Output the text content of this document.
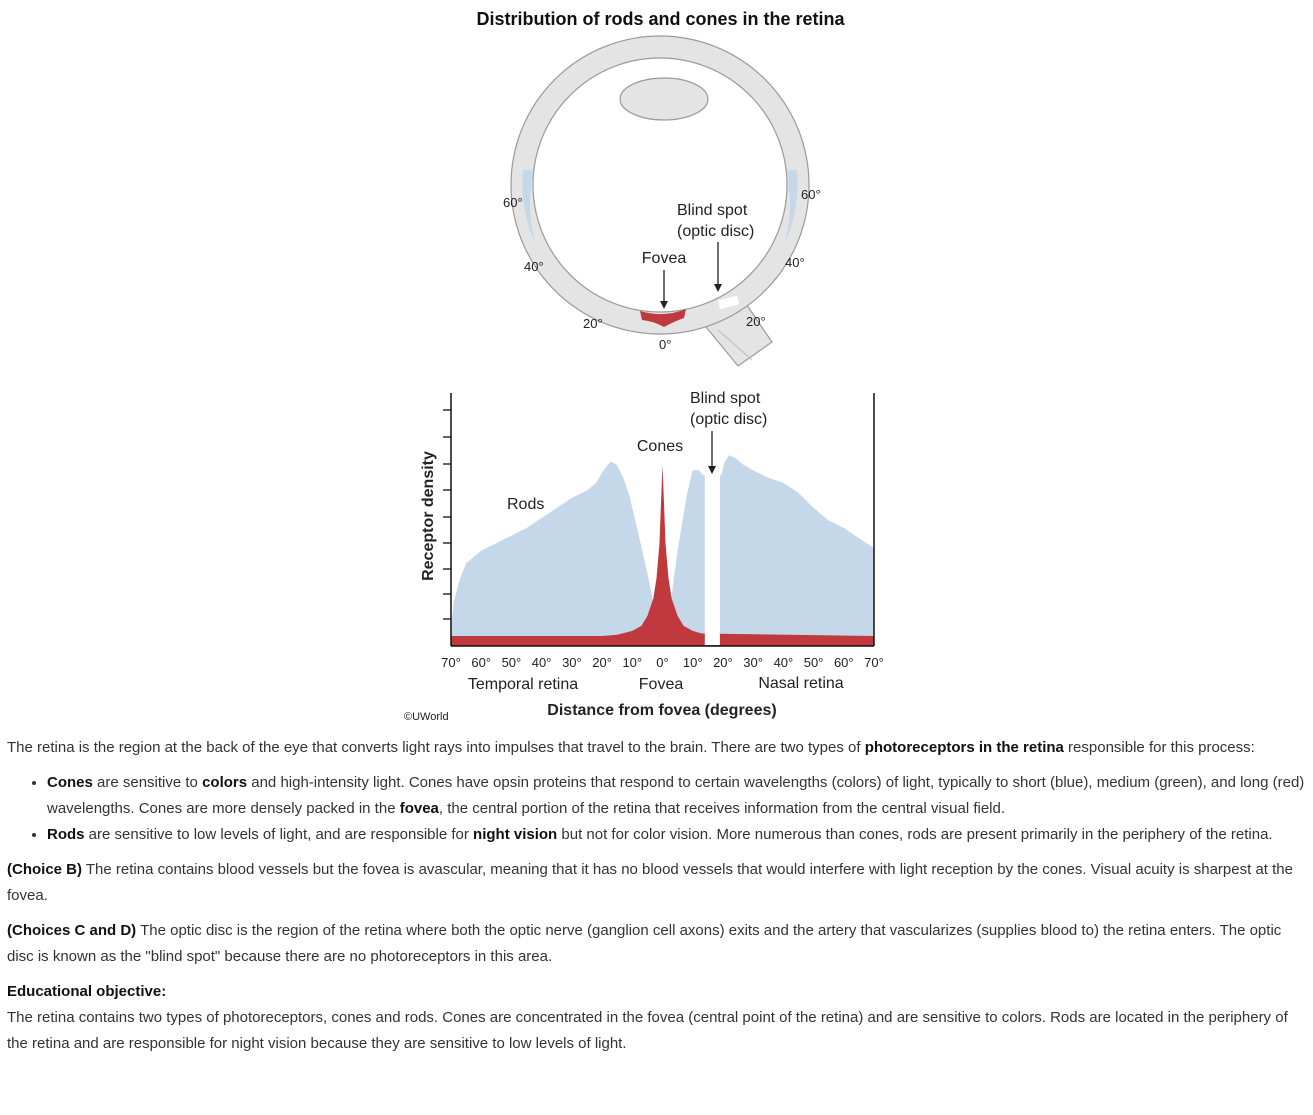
Distribution of rods and cones in the retina
Fovea
Blind spot
(optic disc)
60°
40°
20°
0°
20°
40°
60°
70° 60° 50° 40° 30° 20° 10° 0° 10° 20° 30° 40° 50° 60° 70°
Rods
Cones
Blind spot
(optic disc)
Receptor density
Temporal retina	Fovea	Nasal retina
Distance from fovea (degrees)
©UWorld

The retina is the region at the back of the eye that converts light rays into impulses that travel to the brain. There are two types of photoreceptors in the retina responsible for this process:

• Cones are sensitive to colors and high-intensity light. Cones have opsin proteins that respond to certain wavelengths (colors) of light, typically to short (blue), medium (green), and long (red) wavelengths. Cones are more densely packed in the fovea, the central portion of the retina that receives information from the central visual field.
• Rods are sensitive to low levels of light, and are responsible for night vision but not for color vision. More numerous than cones, rods are present primarily in the periphery of the retina.

(Choice B) The retina contains blood vessels but the fovea is avascular, meaning that it has no blood vessels that would interfere with light reception by the cones. Visual acuity is sharpest at the fovea.

(Choices C and D) The optic disc is the region of the retina where both the optic nerve (ganglion cell axons) exits and the artery that vascularizes (supplies blood to) the retina enters. The optic disc is known as the "blind spot" because there are no photoreceptors in this area.

Educational objective:

The retina contains two types of photoreceptors, cones and rods. Cones are concentrated in the fovea (central point of the retina) and are sensitive to colors. Rods are located in the periphery of the retina and are responsible for night vision because they are sensitive to low levels of light.
